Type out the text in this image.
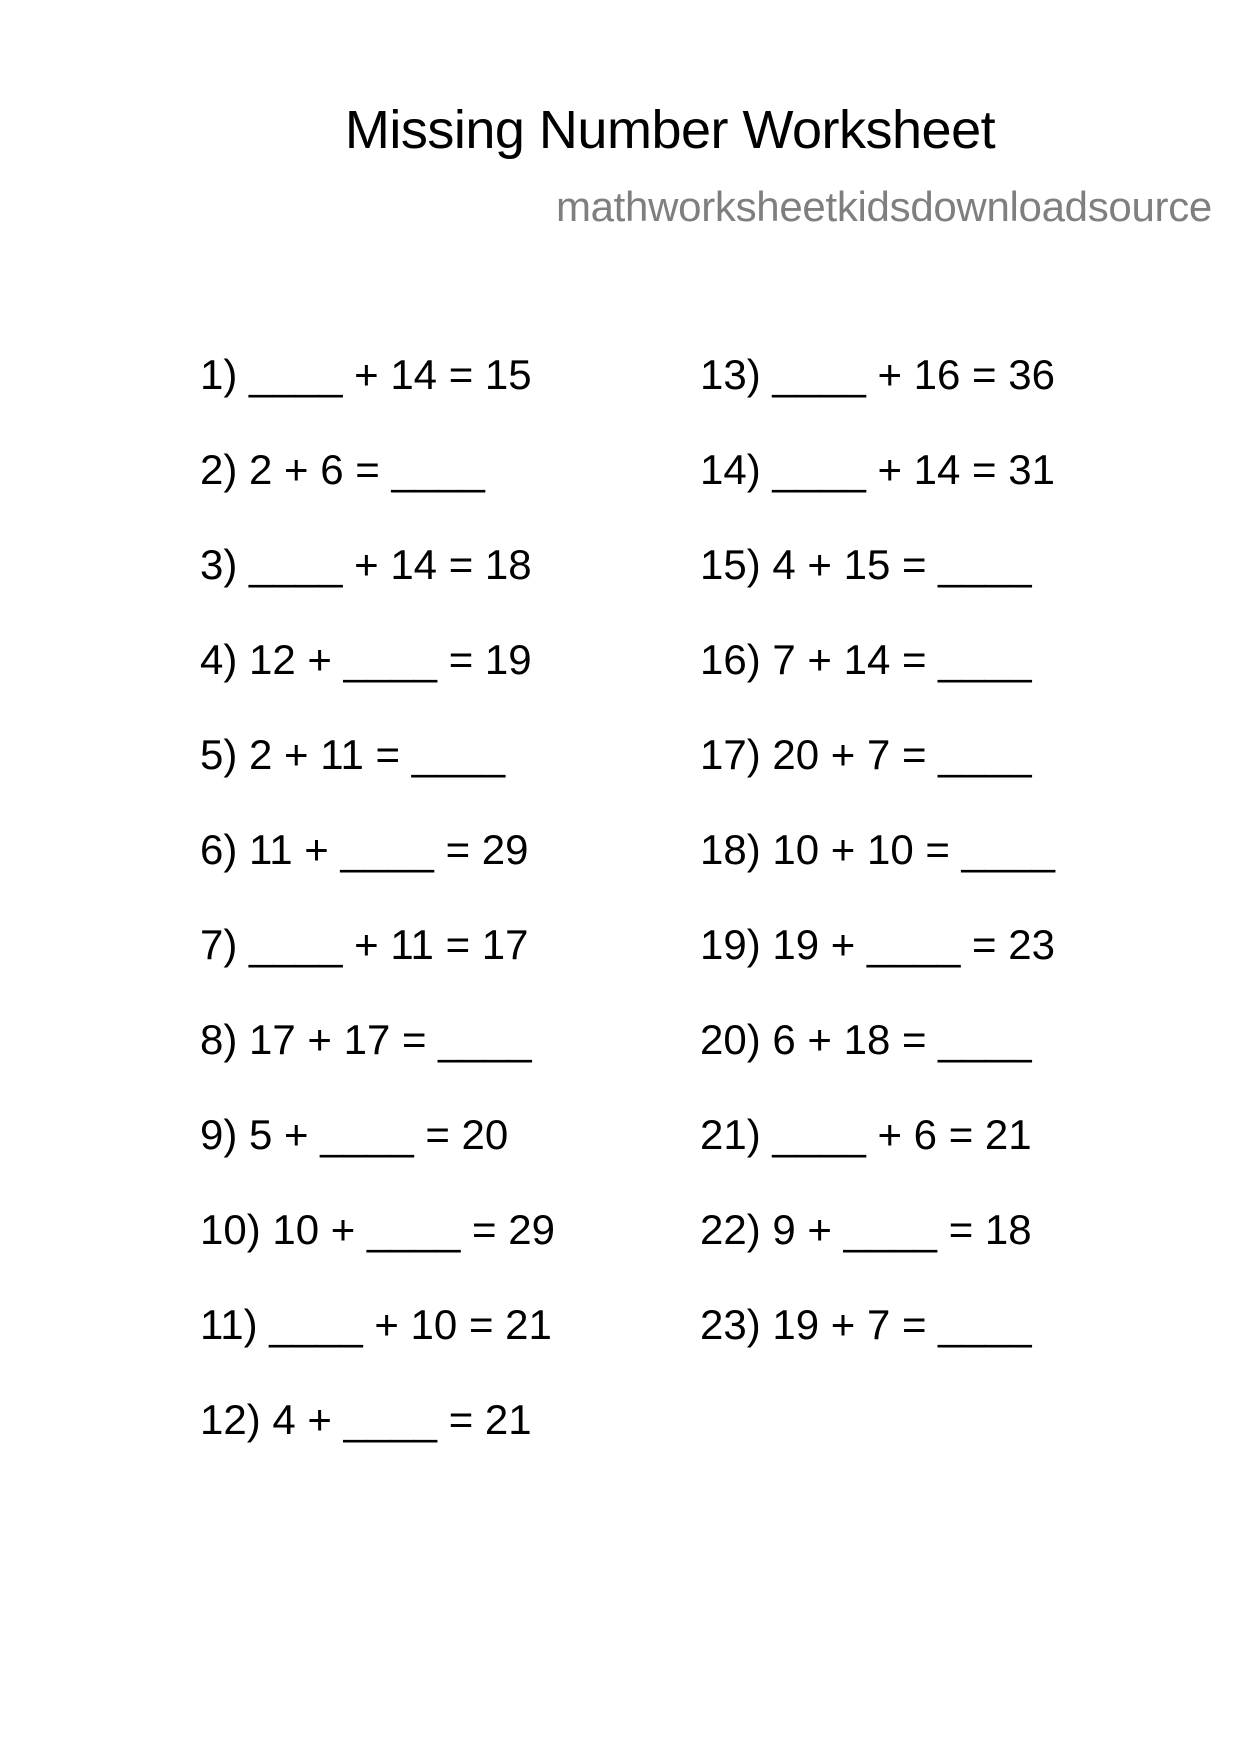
Missing Number Worksheet
mathworksheetkidsdownloadsource
1) ____ + 14 = 15
2) 2 + 6 = ____
3) ____ + 14 = 18
4) 12 + ____ = 19
5) 2 + 11 = ____
6) 11 + ____ = 29
7) ____ + 11 = 17
8) 17 + 17 = ____
9) 5 + ____ = 20
10) 10 + ____ = 29
11) ____ + 10 = 21
12) 4 + ____ = 21
13) ____ + 16 = 36
14) ____ + 14 = 31
15) 4 + 15 = ____
16) 7 + 14 = ____
17) 20 + 7 = ____
18) 10 + 10 = ____
19) 19 + ____ = 23
20) 6 + 18 = ____
21) ____ + 6 = 21
22) 9 + ____ = 18
23) 19 + 7 = ____
